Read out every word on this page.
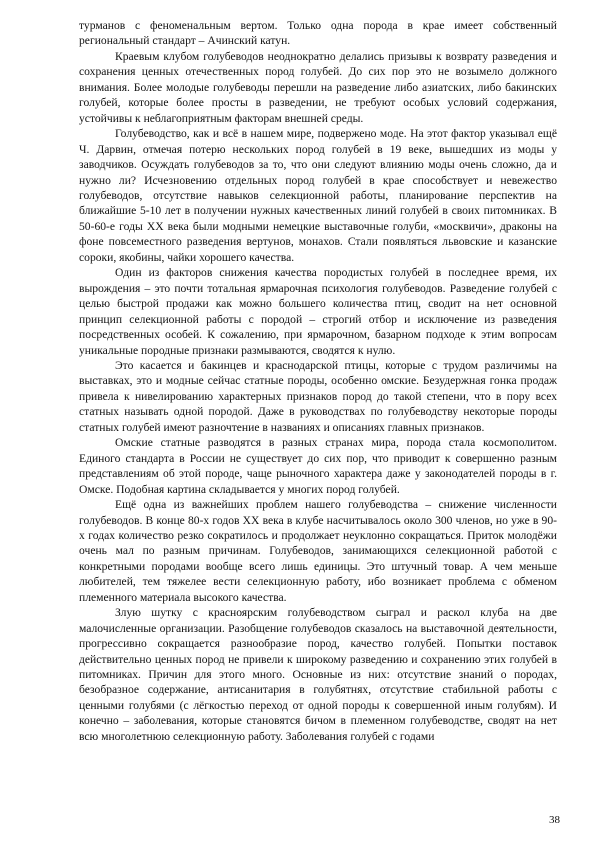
турманов с феноменальным вертом. Только одна порода в крае имеет собственный региональный стандарт – Ачинский катун.

Краевым клубом голубеводов неоднократно делались призывы к возврату разведения и сохранения ценных отечественных пород голубей. До сих пор это не возымело должного внимания. Более молодые голубеводы перешли на разведение либо азиатских, либо бакинских голубей, которые более просты в разведении, не требуют особых условий содержания, устойчивы к неблагоприятным факторам внешней среды.

Голубеводство, как и всё в нашем мире, подвержено моде. На этот фактор указывал ещё Ч. Дарвин, отмечая потерю нескольких пород голубей в 19 веке, вышедших из моды у заводчиков. Осуждать голубеводов за то, что они следуют влиянию моды очень сложно, да и нужно ли? Исчезновению отдельных пород голубей в крае способствует и невежество голубеводов, отсутствие навыков селекционной работы, планирование перспектив на ближайшие 5-10 лет в получении нужных качественных линий голубей в своих питомниках. В 50-60-е годы XX века были модными немецкие выставочные голуби, «москвичи», драконы на фоне повсеместного разведения вертунов, монахов. Стали появляться львовские и казанские сороки, якобины, чайки хорошего качества.

Один из факторов снижения качества породистых голубей в последнее время, их вырождения – это почти тотальная ярмарочная психология голубеводов. Разведение голубей с целью быстрой продажи как можно большего количества птиц, сводит на нет основной принцип селекционной работы с породой – строгий отбор и исключение из разведения посредственных особей. К сожалению, при ярмарочном, базарном подходе к этим вопросам уникальные породные признаки размываются, сводятся к нулю.

Это касается и бакинцев и краснодарской птицы, которые с трудом различимы на выставках, это и модные сейчас статные породы, особенно омские. Безудержная гонка продаж привела к нивелированию характерных признаков пород до такой степени, что в пору всех статных называть одной породой. Даже в руководствах по голубеводству некоторые породы статных голубей имеют разночтение в названиях и описаниях главных признаков.

Омские статные разводятся в разных странах мира, порода стала космополитом. Единого стандарта в России не существует до сих пор, что приводит к совершенно разным представлениям об этой породе, чаще рыночного характера даже у законодателей породы в г. Омске. Подобная картина складывается у многих пород голубей.

Ещё одна из важнейших проблем нашего голубеводства – снижение численности голубеводов. В конце 80-х годов XX века в клубе насчитывалось около 300 членов, но уже в 90-х годах количество резко сократилось и продолжает неуклонно сокращаться. Приток молодёжи очень мал по разным причинам. Голубеводов, занимающихся селекционной работой с конкретными породами вообще всего лишь единицы. Это штучный товар. А чем меньше любителей, тем тяжелее вести селекционную работу, ибо возникает проблема с обменом племенного материала высокого качества.

Злую шутку с красноярским голубеводством сыграл и раскол клуба на две малочисленные организации. Разобщение голубеводов сказалось на выставочной деятельности, прогрессивно сокращается разнообразие пород, качество голубей. Попытки поставок действительно ценных пород не привели к широкому разведению и сохранению этих голубей в питомниках. Причин для этого много. Основные из них: отсутствие знаний о породах, безобразное содержание, антисанитария в голубятнях, отсутствие стабильной работы с ценными голубями (с лёгкостью переход от одной породы к совершенной иным голубям). И конечно – заболевания, которые становятся бичом в племенном голубеводстве, сводят на нет всю многолетнюю селекционную работу. Заболевания голубей с годами

38
